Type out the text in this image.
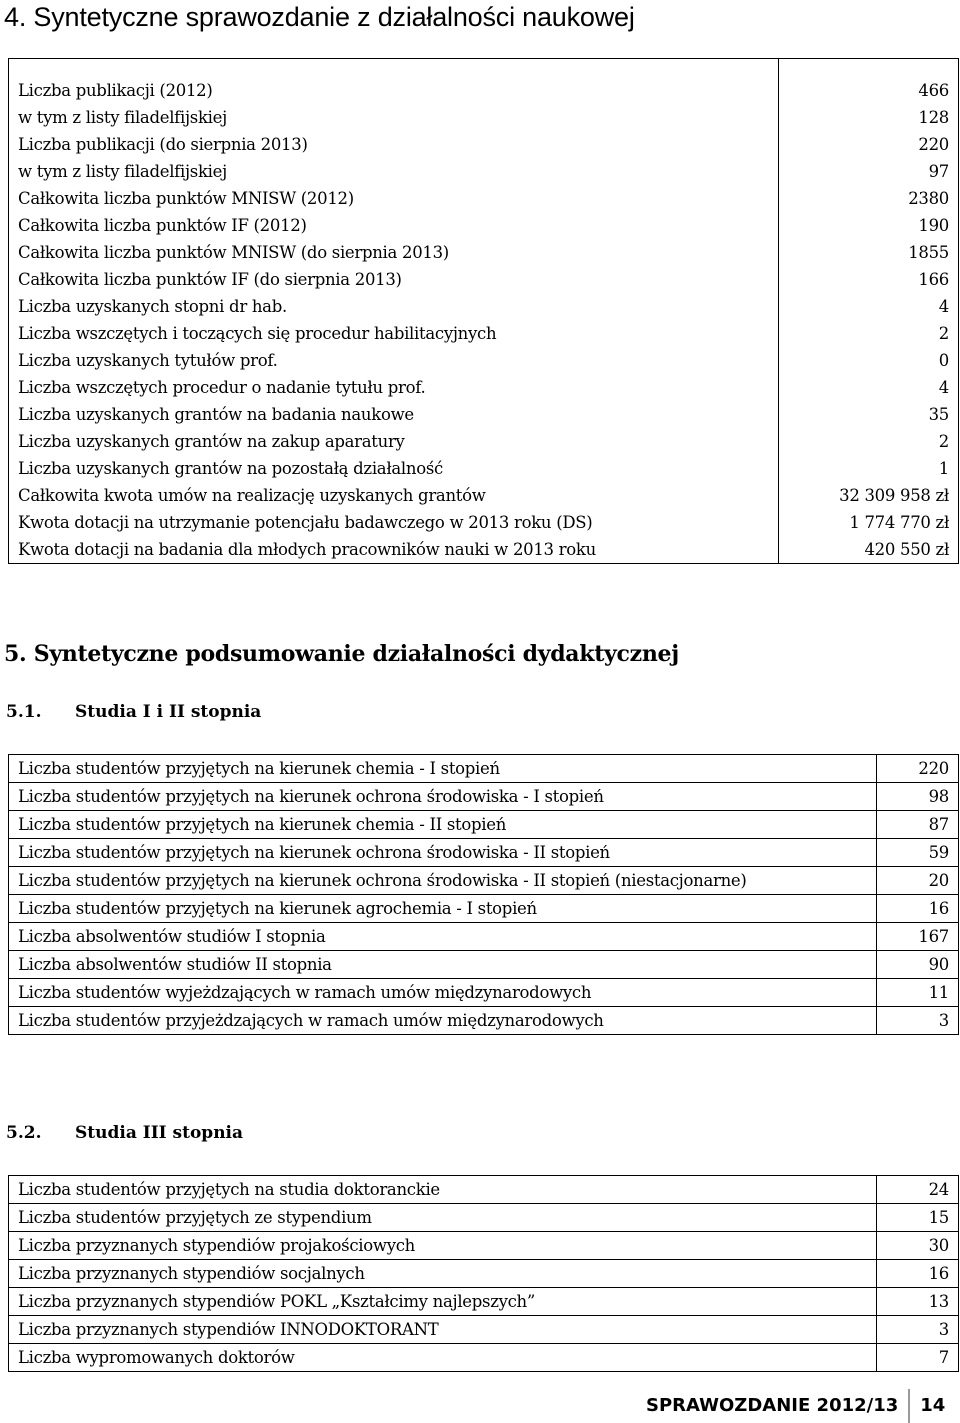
4. Syntetyczne sprawozdanie z działalności naukowej

Liczba publikacji (2012)	466
w tym z listy filadelfijskiej	128
Liczba publikacji (do sierpnia 2013)	220
w tym z listy filadelfijskiej	97
Całkowita liczba punktów MNISW (2012)	2380
Całkowita liczba punktów IF (2012)	190
Całkowita liczba punktów MNISW (do sierpnia 2013)	1855
Całkowita liczba punktów IF (do sierpnia 2013)	166
Liczba uzyskanych stopni dr hab.	4
Liczba wszczętych i toczących się procedur habilitacyjnych	2
Liczba uzyskanych tytułów prof.	0
Liczba wszczętych procedur o nadanie tytułu prof.	4
Liczba uzyskanych grantów na badania naukowe	35
Liczba uzyskanych grantów na zakup aparatury	2
Liczba uzyskanych grantów na pozostałą działalność	1
Całkowita kwota umów na realizację uzyskanych grantów	32 309 958 zł
Kwota dotacji na utrzymanie potencjału badawczego w 2013 roku (DS)	1 774 770 zł
Kwota dotacji na badania dla młodych pracowników nauki w 2013 roku	420 550 zł
5. Syntetyczne podsumowanie działalności dydaktycznej
5.1. Studia I i II stopnia
Liczba studentów przyjętych na kierunek chemia - I stopień	220
Liczba studentów przyjętych na kierunek ochrona środowiska - I stopień	98
Liczba studentów przyjętych na kierunek chemia - II stopień	87
Liczba studentów przyjętych na kierunek ochrona środowiska - II stopień	59
Liczba studentów przyjętych na kierunek ochrona środowiska - II stopień (niestacjonarne)	20
Liczba studentów przyjętych na kierunek agrochemia - I stopień	16
Liczba absolwentów studiów I stopnia	167
Liczba absolwentów studiów II stopnia	90
Liczba studentów wyjeżdzających w ramach umów międzynarodowych	11
Liczba studentów przyjeżdzających w ramach umów międzynarodowych	3
5.2. Studia III stopnia
Liczba studentów przyjętych na studia doktoranckie	24
Liczba studentów przyjętych ze stypendium	15
Liczba przyznanych stypendiów projakościowych	30
Liczba przyznanych stypendiów socjalnych	16
Liczba przyznanych stypendiów POKL „Kształcimy najlepszych”	13
Liczba przyznanych stypendiów INNODOKTORANT	3
Liczba wypromowanych doktorów	7
SPRAWOZDANIE 2012/13 14
